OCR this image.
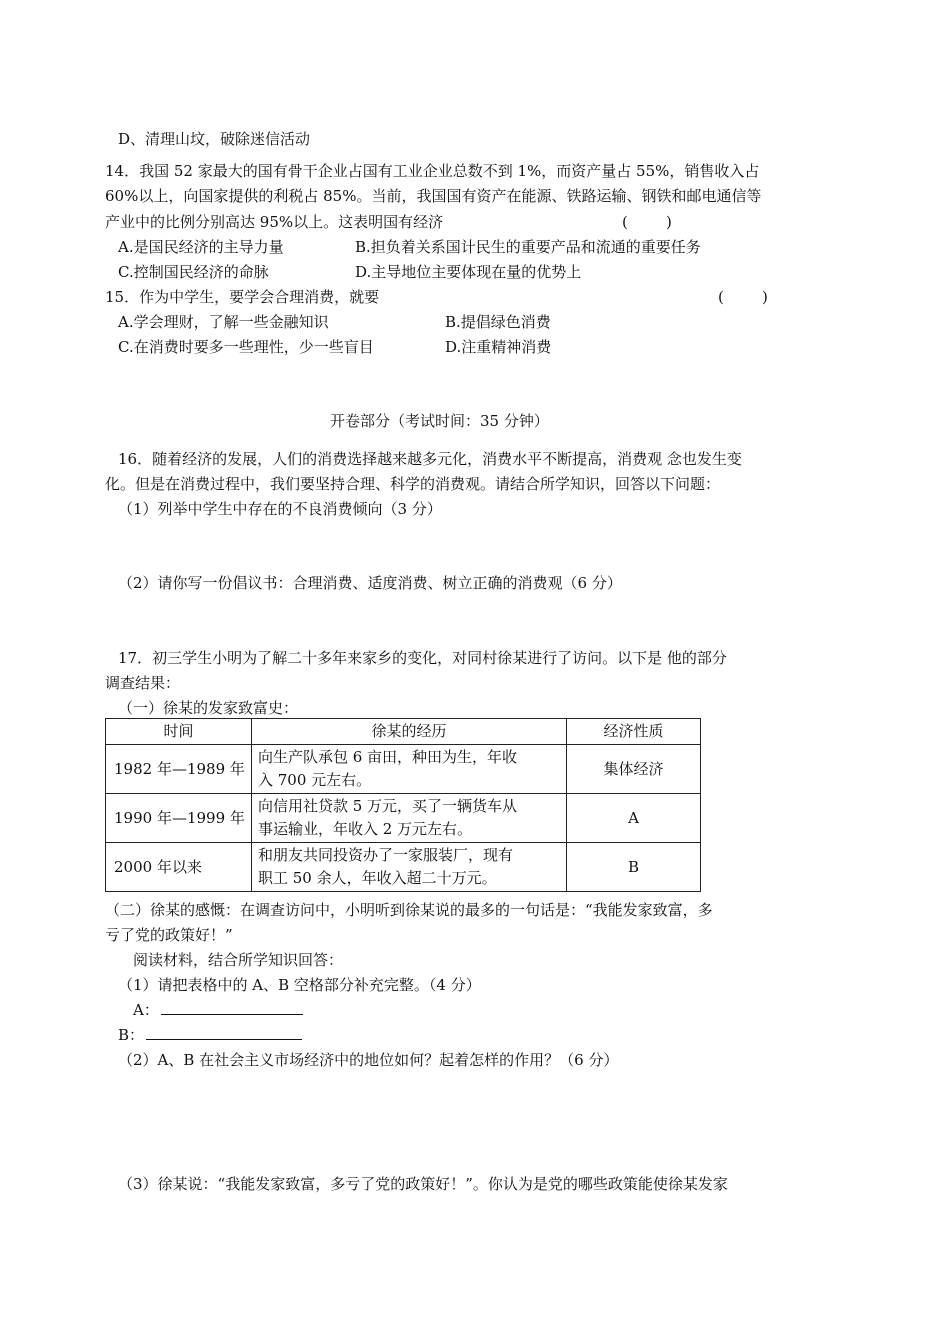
D、清理山坟，破除迷信活动
14．我国 52 家最大的国有骨干企业占国有工业企业总数不到 1%，而资产量占 55%，销售收入占
60%以上，向国家提供的利税占 85%。当前，我国国有资产在能源、铁路运输、钢铁和邮电通信等
产业中的比例分别高达 95%以上。这表明国有经济	(        )
A.是国民经济的主导力量	B.担负着关系国计民生的重要产品和流通的重要任务
C.控制国民经济的命脉	D.主导地位主要体现在量的优势上
15．作为中学生，要学会合理消费，就要	(        )
A.学会理财，了解一些金融知识	B.提倡绿色消费
C.在消费时要多一些理性，少一些盲目	D.注重精神消费
开卷部分（考试时间：35 分钟）
16．随着经济的发展，人们的消费选择越来越多元化，消费水平不断提高，消费观 念也发生变
化。但是在消费过程中，我们要坚持合理、科学的消费观。请结合所学知识，回答以下问题：
（1）列举中学生中存在的不良消费倾向（3 分）
（2）请你写一份倡议书：合理消费、适度消费、树立正确的消费观（6 分）
17．初三学生小明为了解二十多年来家乡的变化，对同村徐某进行了访问。以下是 他的部分
调查结果：
（一）徐某的发家致富史：
时间	徐某的经历	经济性质
1982 年—1989 年	向生产队承包 6 亩田，种田为生，年收
入 700 元左右。	集体经济
1990 年—1999 年	向信用社贷款 5 万元，买了一辆货车从
事运输业，年收入 2 万元左右。	A
2000 年以来	和朋友共同投资办了一家服装厂，现有
职工 50 余人，年收入超二十万元。	B
（二）徐某的感慨：在调查访问中，小明听到徐某说的最多的一句话是：“我能发家致富，多
亏了党的政策好！”
阅读材料，结合所学知识回答：
（1）请把表格中的 A、B 空格部分补充完整。（4 分）
A：
B：
（2）A、B 在社会主义市场经济中的地位如何？起着怎样的作用？（6 分）
（3）徐某说：“我能发家致富，多亏了党的政策好！”。你认为是党的哪些政策能使徐某发家
